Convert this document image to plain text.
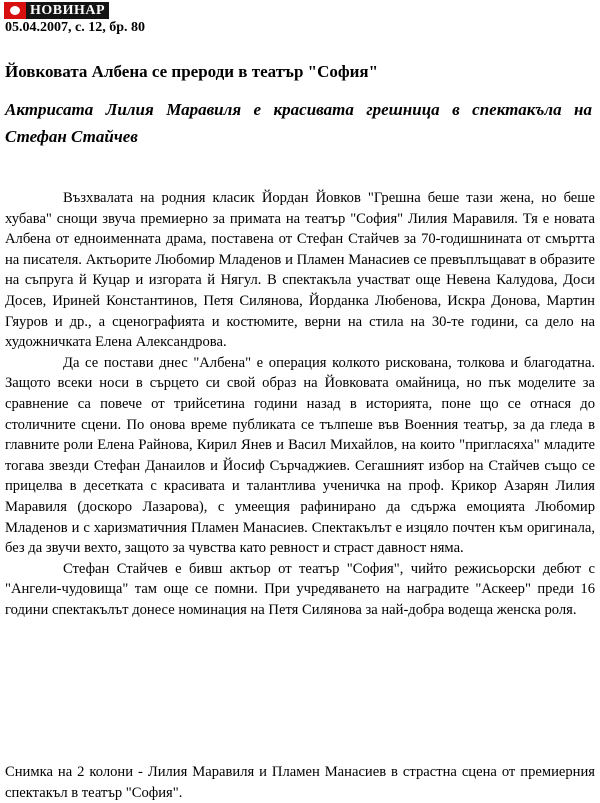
НОВИНАР
05.04.2007, с. 12, бр. 80
Йовковата Албена се прероди в театър "София"
Актрисата Лилия Маравиля е красивата грешница в спектакъла на Стефан Стайчев

Възхвалата на родния класик Йордан Йовков "Грешна беше тази жена, но беше хубава" снощи звуча премиерно за примата на театър "София" Лилия Маравиля. Тя е новата Албена от едноименната драма, поставена от Стефан Стайчев за 70-годишнината от смъртта на писателя. Актьорите Любомир Младенов и Пламен Манасиев се превъплъщават в образите на съпруга й Куцар и изгората й Нягул. В спектакъла участват още Невена Калудова, Доси Досев, Ириней Константинов, Петя Силянова, Йорданка Любенова, Искра Донова, Мартин Гяуров и др., а сценографията и костюмите, верни на стила на 30-те години, са дело на художничката Елена Александрова.

Да се постави днес "Албена" е операция колкото рискована, толкова и благодатна. Защото всеки носи в сърцето си свой образ на Йовковата омайница, но пък моделите за сравнение са повече от трийсетина години назад в историята, поне що се отнася до столичните сцени. По онова време публиката се тълпеше във Военния театър, за да гледа в главните роли Елена Райнова, Кирил Янев и Васил Михайлов, на които "пригласяха" младите тогава звезди Стефан Данаилов и Йосиф Сърчаджиев. Сегашният избор на Стайчев също се прицелва в десетката с красивата и талантлива ученичка на проф. Крикор Азарян Лилия Маравиля (доскоро Лазарова), с умеещия рафинирано да сдържа емоцията Любомир Младенов и с харизматичния Пламен Манасиев. Спектакълът е изцяло почтен към оригинала, без да звучи вехто, защото за чувства като ревност и страст давност няма.

Стефан Стайчев е бивш актьор от театър "София", чийто режисьорски дебют с "Ангели-чудовища" там още се помни. При учредяването на наградите "Аскеер" преди 16 години спектакълът донесе номинация на Петя Силянова за най-добра водеща женска роля.

Снимка на 2 колони - Лилия Маравиля и Пламен Манасиев в страстна сцена от премиерния спектакъл в театър "София".
